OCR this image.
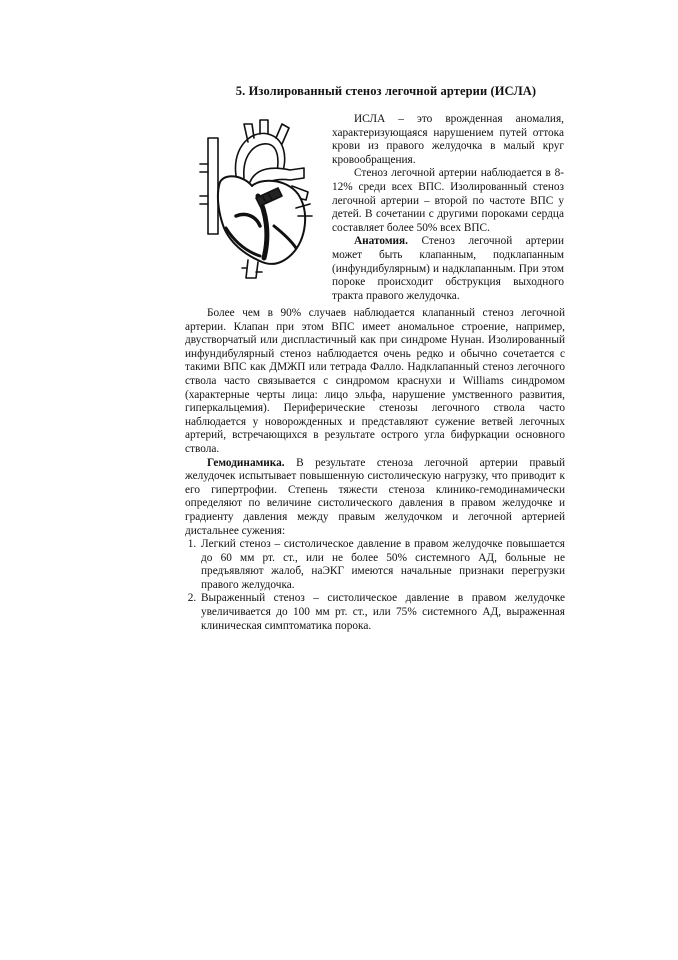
5. Изолированный стеноз легочной артерии (ИСЛА)

ИСЛА – это врожденная аномалия, характеризующаяся нарушением путей оттока крови из правого желудочка в малый круг кровообращения.

Стеноз легочной артерии наблюдается в 8-12% среди всех ВПС. Изолированный стеноз легочной артерии – второй по частоте ВПС у детей. В сочетании с другими пороками сердца составляет более 50% всех ВПС.

Анатомия. Стеноз легочной артерии может быть клапанным, подклапанным (инфундибулярным) и надклапанным. При этом пороке происходит обструкция выходного тракта правого желудочка.

Более чем в 90% случаев наблюдается клапанный стеноз легочной артерии. Клапан при этом ВПС имеет аномальное строение, например, двустворчатый или диспластичный как при синдроме Нунан. Изолированный инфундибулярный стеноз наблюдается очень редко и обычно сочетается с такими ВПС как ДМЖП или тетрада Фалло. Надклапанный стеноз легочного ствола часто связывается с синдромом краснухи и Williams синдромом (характерные черты лица: лицо эльфа, нарушение умственного развития, гиперкальцемия). Периферические стенозы легочного ствола часто наблюдается у новорожденных и представляют сужение ветвей легочных артерий, встречающихся в результате острого угла бифуркации основного ствола.

Гемодинамика. В результате стеноза легочной артерии правый желудочек испытывает повышенную систолическую нагрузку, что приводит к его гипертрофии. Степень тяжести стеноза клинико-гемодинамически определяют по величине систолического давления в правом желудочке и градиенту давления между правым желудочком и легочной артерией дистальнее сужения:

1. Легкий стеноз – систолическое давление в правом желудочке повышается до 60 мм рт. ст., или не более 50% системного АД, больные не предъявляют жалоб, наЭКГ имеются начальные признаки перегрузки правого желудочка.
2. Выраженный стеноз – систолическое давление в правом желудочке увеличивается до 100 мм рт. ст., или 75% системного АД, выраженная клиническая симптоматика порока.
